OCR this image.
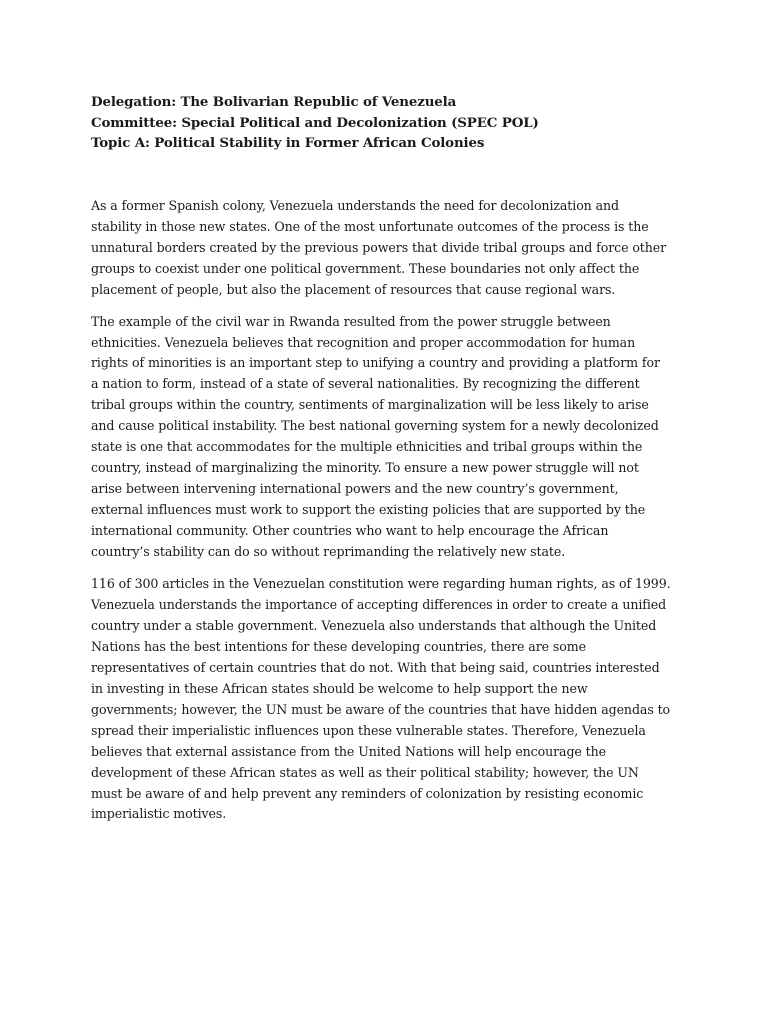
Delegation: The Bolivarian Republic of Venezuela
Committee: Special Political and Decolonization (SPEC POL)
Topic A: Political Stability in Former African Colonies
As a former Spanish colony, Venezuela understands the need for decolonization and
stability in those new states. One of the most unfortunate outcomes of the process is the
unnatural borders created by the previous powers that divide tribal groups and force other
groups to coexist under one political government. These boundaries not only affect the
placement of people, but also the placement of resources that cause regional wars.
The example of the civil war in Rwanda resulted from the power struggle between
ethnicities. Venezuela believes that recognition and proper accommodation for human
rights of minorities is an important step to unifying a country and providing a platform for
a nation to form, instead of a state of several nationalities. By recognizing the different
tribal groups within the country, sentiments of marginalization will be less likely to arise
and cause political instability. The best national governing system for a newly decolonized
state is one that accommodates for the multiple ethnicities and tribal groups within the
country, instead of marginalizing the minority. To ensure a new power struggle will not
arise between intervening international powers and the new country’s government,
external influences must work to support the existing policies that are supported by the
international community. Other countries who want to help encourage the African
country’s stability can do so without reprimanding the relatively new state.
116 of 300 articles in the Venezuelan constitution were regarding human rights, as of 1999.
Venezuela understands the importance of accepting differences in order to create a unified
country under a stable government. Venezuela also understands that although the United
Nations has the best intentions for these developing countries, there are some
representatives of certain countries that do not. With that being said, countries interested
in investing in these African states should be welcome to help support the new
governments; however, the UN must be aware of the countries that have hidden agendas to
spread their imperialistic influences upon these vulnerable states. Therefore, Venezuela
believes that external assistance from the United Nations will help encourage the
development of these African states as well as their political stability; however, the UN
must be aware of and help prevent any reminders of colonization by resisting economic
imperialistic motives.
